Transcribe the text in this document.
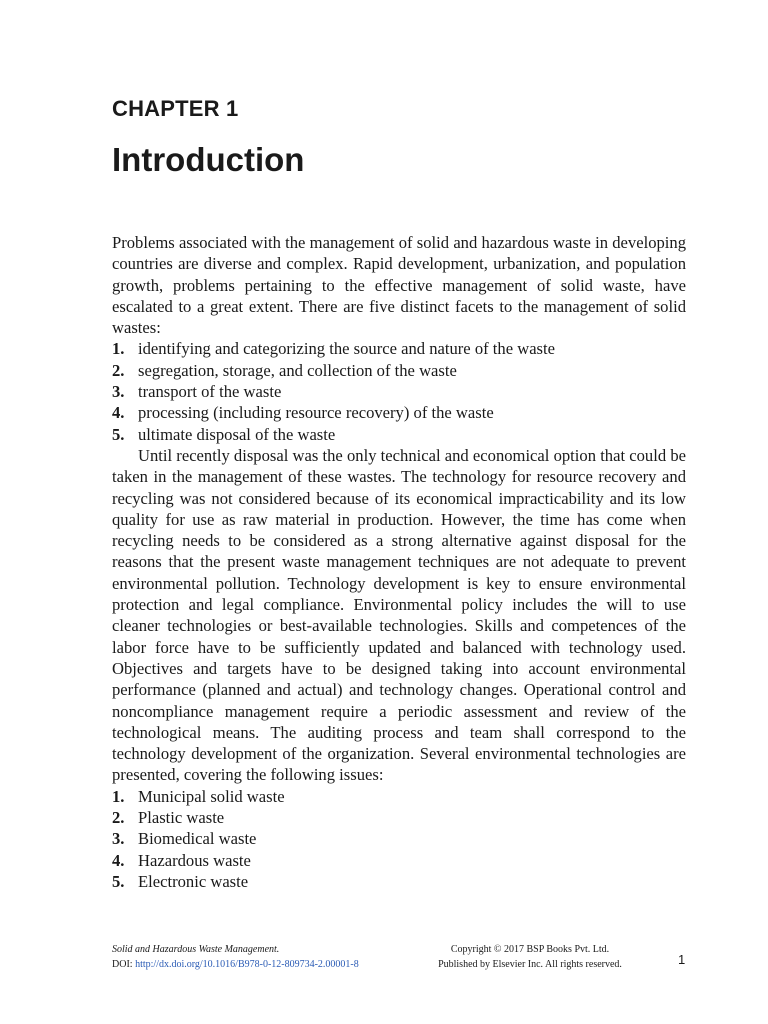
CHAPTER 1
Introduction

Problems associated with the management of solid and hazardous waste in developing countries are diverse and complex. Rapid development, urbanization, and population growth, problems pertaining to the effective management of solid waste, have escalated to a great extent. There are five distinct facets to the management of solid wastes:

1. identifying and categorizing the source and nature of the waste
2. segregation, storage, and collection of the waste
3. transport of the waste
4. processing (including resource recovery) of the waste
5. ultimate disposal of the waste

Until recently disposal was the only technical and economical option that could be taken in the management of these wastes. The technology for resource recovery and recycling was not considered because of its economical impracticability and its low quality for use as raw material in production. However, the time has come when recycling needs to be considered as a strong alternative against disposal for the reasons that the present waste management techniques are not adequate to prevent environmental pollution. Technology development is key to ensure environmental protection and legal compliance. Environmental policy includes the will to use cleaner technologies or best-available technologies. Skills and competences of the labor force have to be sufficiently updated and balanced with technology used. Objectives and targets have to be designed taking into account environmental performance (planned and actual) and technology changes. Operational control and noncompliance management require a periodic assessment and review of the technological means. The auditing process and team shall correspond to the technology development of the organization. Several environmental technologies are presented, covering the following issues:

1. Municipal solid waste
2. Plastic waste
3. Biomedical waste
4. Hazardous waste
5. Electronic waste
Solid and Hazardous Waste Management.
DOI: http://dx.doi.org/10.1016/B978-0-12-809734-2.00001-8
Copyright © 2017 BSP Books Pvt. Ltd.
Published by Elsevier Inc. All rights reserved.	1
